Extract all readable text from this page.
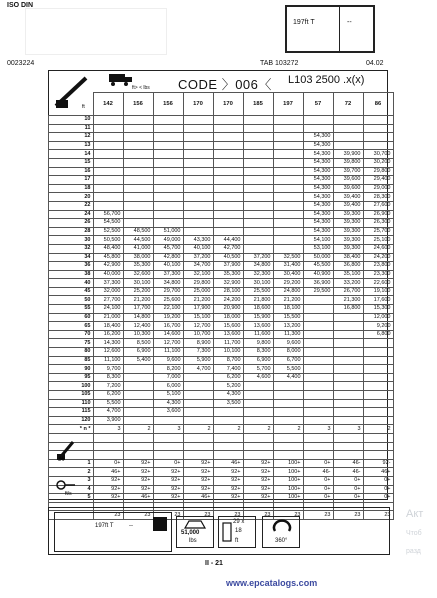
ISO DIN
197ft T	--
0023224	TAB 103272	04.02
ft
ft> < lbs CODE 〉006〈 L103 2500 .x(x)
	142	156	156	170	170	185	197	57	72	86
10										
11										
12								54,300		
13								54,300		
14								54,300	39,900	30,700
15								54,300	39,800	30,200
16								54,300	39,700	29,800
17								54,300	39,600	29,400
18								54,300	39,600	29,000
20								54,300	39,400	28,300
22								54,300	39,400	27,600
24	56,700							54,300	39,300	26,900
26	54,500							54,300	39,300	26,300
28	52,500	48,500	51,000					54,300	39,300	25,700
30	50,500	44,500	49,000	43,300	44,400			54,100	39,300	25,100
32	48,400	41,000	45,700	40,100	42,700			53,100	39,300	24,600
34	45,800	38,000	42,800	37,200	40,500	37,200	32,500	50,000	38,400	24,200
36	42,900	35,300	40,100	34,700	37,900	34,800	31,400	45,500	36,800	23,800
38	40,000	32,600	37,300	32,100	35,300	32,300	30,400	40,900	35,100	23,300
40	37,300	30,100	34,800	29,800	32,900	30,100	29,200	36,900	33,200	22,600
45	32,000	25,200	29,700	25,000	28,100	25,500	24,800	29,500	26,700	19,100
50	27,700	21,200	25,600	21,200	24,200	21,800	21,200		21,300	17,600
55	24,100	17,700	22,100	17,900	20,900	18,600	18,100		16,800	15,300
60	21,000	14,800	19,200	15,100	18,000	15,900	15,500			12,000
65	18,400	12,400	16,700	12,700	15,600	13,600	13,200			9,200
70	16,200	10,300	14,600	10,700	13,600	11,600	11,300			6,800
75	14,300	8,500	12,700	8,900	11,700	9,800	9,600			
80	12,600	6,900	11,100	7,300	10,100	8,300	8,000			
85	11,100	5,400	9,600	5,900	8,700	6,900	6,700			
90	9,700		8,200	4,700	7,400	5,700	5,500			
95	8,300		7,000		6,200	4,600	4,400			
100	7,200		6,000		5,200					
105	6,200		5,100		4,300					
110	5,500		4,300		3,500					
115	4,700		3,600							
120	3,900									
* n *	3	2	3	2	2	2	2	3	3	2

1	0+	92+	0+	92+	46+	92+	100+	0+	46-	92-
2	46+	92+	92+	92+	92+	92+	100+	46-	46-	46+
3	92+	92+	92+	92+	92+	92+	100+	0+	0+	0+
4	92+	92+	92+	92+	92+	92+	100+	0+	0+	0+
5	92+	46+	92+	46+	92+	92+	100+	0+	0+	0+

	23	23	23	23	23	23	23	23	23	23
%
ft/s
197ft T	--
51,000
lbs
29 x
18
ft	360°
II - 21
Акт
Чтоб
разд
www.epcatalogs.com
